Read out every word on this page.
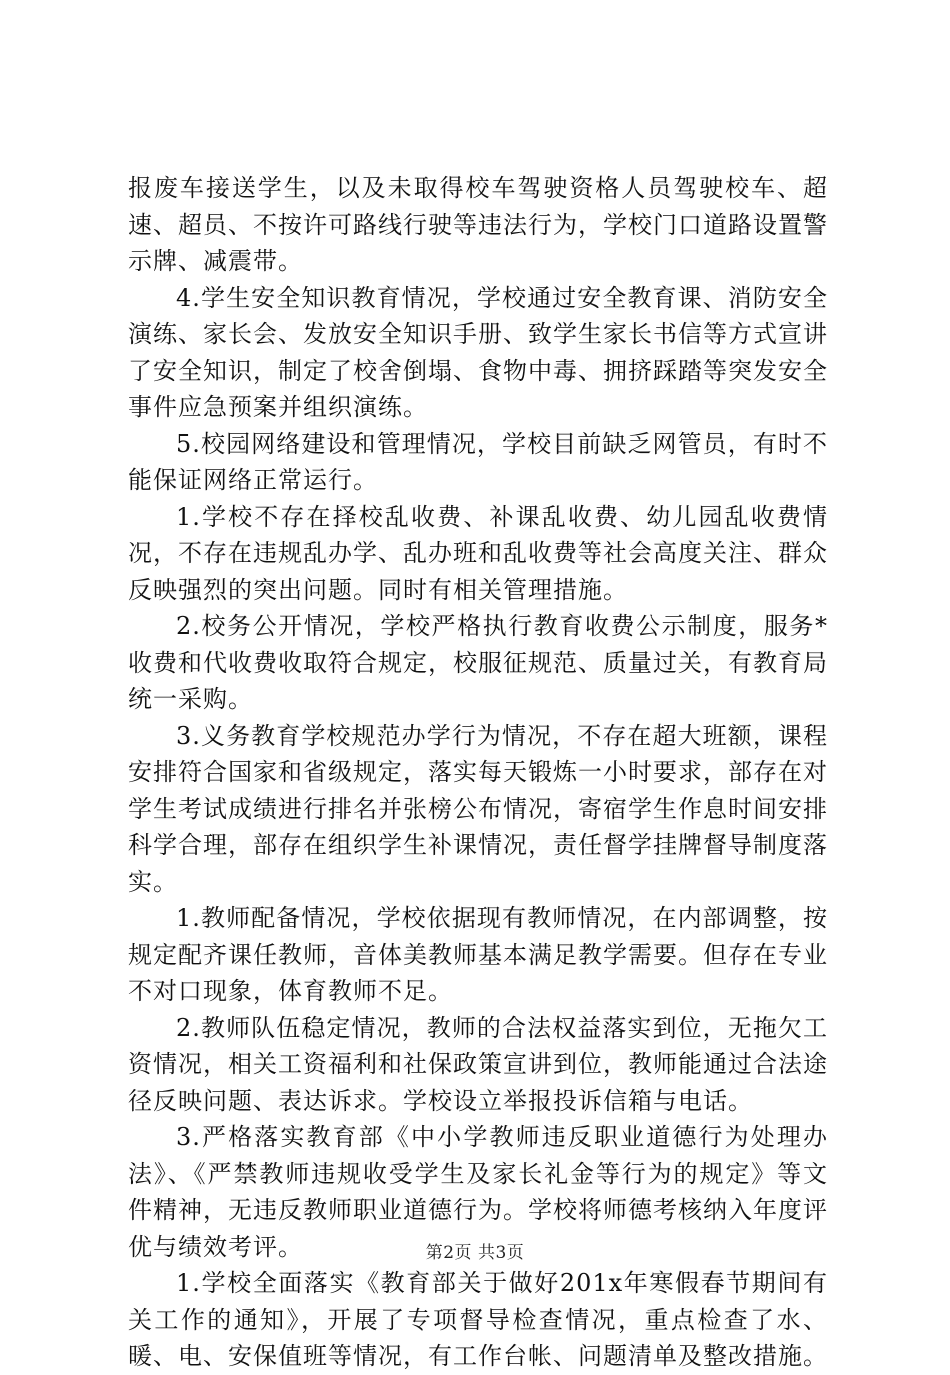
报废车接送学生，以及未取得校车驾驶资格人员驾驶校车、超速、超员、不按许可路线行驶等违法行为，学校门口道路设置警示牌、减震带。

4.学生安全知识教育情况，学校通过安全教育课、消防安全演练、家长会、发放安全知识手册、致学生家长书信等方式宣讲了安全知识，制定了校舍倒塌、食物中毒、拥挤踩踏等突发安全事件应急预案并组织演练。

5.校园网络建设和管理情况，学校目前缺乏网管员，有时不能保证网络正常运行。

1.学校不存在择校乱收费、补课乱收费、幼儿园乱收费情况，不存在违规乱办学、乱办班和乱收费等社会高度关注、群众反映强烈的突出问题。同时有相关管理措施。

2.校务公开情况，学校严格执行教育收费公示制度，服务*收费和代收费收取符合规定，校服征规范、质量过关，有教育局统一采购。

3.义务教育学校规范办学行为情况，不存在超大班额，课程安排符合国家和省级规定，落实每天锻炼一小时要求，部存在对学生考试成绩进行排名并张榜公布情况，寄宿学生作息时间安排科学合理，部存在组织学生补课情况，责任督学挂牌督导制度落实。

1.教师配备情况，学校依据现有教师情况，在内部调整，按规定配齐课任教师，音体美教师基本满足教学需要。但存在专业不对口现象，体育教师不足。

2.教师队伍稳定情况，教师的合法权益落实到位，无拖欠工资情况，相关工资福利和社保政策宣讲到位，教师能通过合法途径反映问题、表达诉求。学校设立举报投诉信箱与电话。

3.严格落实教育部《中小学教师违反职业道德行为处理办法》、《严禁教师违规收受学生及家长礼金等行为的规定》等文件精神，无违反教师职业道德行为。学校将师德考核纳入年度评优与绩效考评。

1.学校全面落实《教育部关于做好201x年寒假春节期间有关工作的通知》，开展了专项督导检查情况，重点检查了水、暖、电、安保值班等情况，有工作台帐、问题清单及整改措施。

第2页 共3页
